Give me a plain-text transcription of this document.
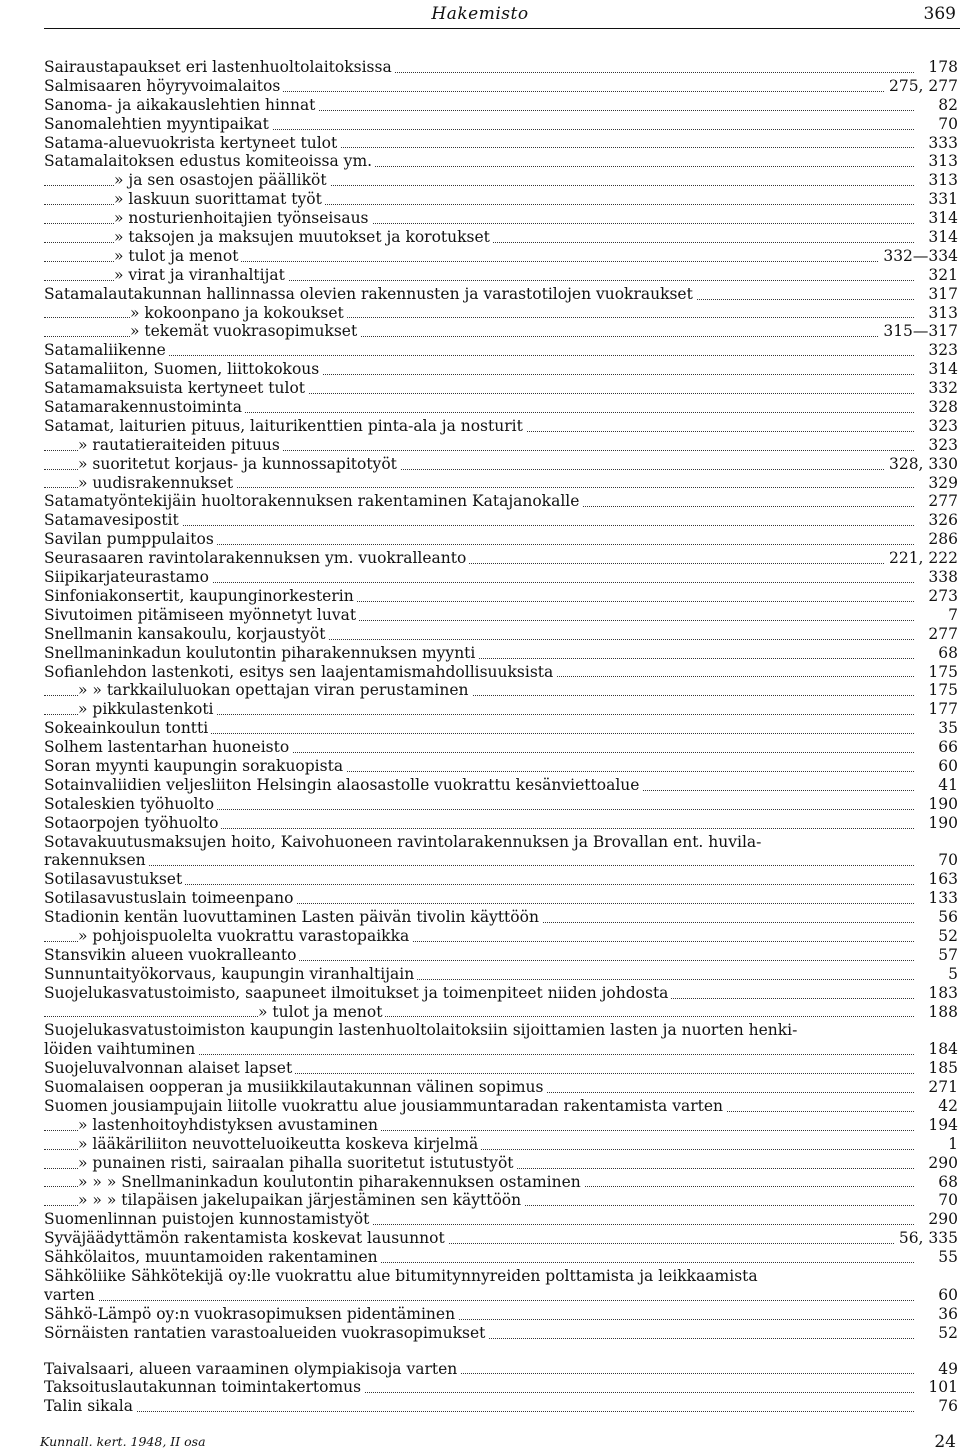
Hakemisto	369
Sairaustapaukset eri lastenhuoltolaitoksissa	178
Salmisaaren höyryvoimalaitos	275, 277
Sanoma- ja aikakauslehtien hinnat	82
Sanomalehtien myyntipaikat	70
Satama-aluevuokrista kertyneet tulot	333
Satamalaitoksen edustus komiteoissa ym.	313
» ja sen osastojen päälliköt	313
» laskuun suorittamat työt	331
» nosturienhoitajien työnseisaus	314
» taksojen ja maksujen muutokset ja korotukset	314
» tulot ja menot	332—334
» virat ja viranhaltijat	321
Satamalautakunnan hallinnassa olevien rakennusten ja varastotilojen vuokraukset	317
» kokoonpano ja kokoukset	313
» tekemät vuokrasopimukset	315—317
Satamaliikenne	323
Satamaliiton, Suomen, liittokokous	314
Satamamaksuista kertyneet tulot	332
Satamarakennustoiminta	328
Satamat, laiturien pituus, laiturikenttien pinta-ala ja nosturit	323
» rautatieraiteiden pituus	323
» suoritetut korjaus- ja kunnossapitotyöt	328, 330
» uudisrakennukset	329
Satamatyöntekijäin huoltorakennuksen rakentaminen Katajanokalle	277
Satamavesipostit	326
Savilan pumppulaitos	286
Seurasaaren ravintolarakennuksen ym. vuokralleanto	221, 222
Siipikarjateurastamo	338
Sinfoniakonsertit, kaupunginorkesterin	273
Sivutoimen pitämiseen myönnetyt luvat	7
Snellmanin kansakoulu, korjaustyöt	277
Snellmaninkadun koulutontin piharakennuksen myynti	68
Sofianlehdon lastenkoti, esitys sen laajentamismahdollisuuksista	175
» » tarkkailuluokan opettajan viran perustaminen	175
» pikkulastenkoti	177
Sokeainkoulun tontti	35
Solhem lastentarhan huoneisto	66
Soran myynti kaupungin sorakuopista	60
Sotainvaliidien veljesliiton Helsingin alaosastolle vuokrattu kesänviettoalue	41
Sotaleskien työhuolto	190
Sotaorpojen työhuolto	190
Sotavakuutusmaksujen hoito, Kaivohuoneen ravintolarakennuksen ja Brovallan ent. huvila-
rakennuksen	70
Sotilasavustukset	163
Sotilasavustuslain toimeenpano	133
Stadionin kentän luovuttaminen Lasten päivän tivolin käyttöön	56
» pohjoispuolelta vuokrattu varastopaikka	52
Stansvikin alueen vuokralleanto	57
Sunnuntaityökorvaus, kaupungin viranhaltijain	5
Suojelukasvatustoimisto, saapuneet ilmoitukset ja toimenpiteet niiden johdosta	183
» tulot ja menot	188
Suojelukasvatustoimiston kaupungin lastenhuoltolaitoksiin sijoittamien lasten ja nuorten henki-
löiden vaihtuminen	184
Suojeluvalvonnan alaiset lapset	185
Suomalaisen oopperan ja musiikkilautakunnan välinen sopimus	271
Suomen jousiampujain liitolle vuokrattu alue jousiammuntaradan rakentamista varten	42
» lastenhoitoyhdistyksen avustaminen	194
» lääkäriliiton neuvotteluoikeutta koskeva kirjelmä	1
» punainen risti, sairaalan pihalla suoritetut istutustyöt	290
» » » Snellmaninkadun koulutontin piharakennuksen ostaminen	68
» » » tilapäisen jakelupaikan järjestäminen sen käyttöön	70
Suomenlinnan puistojen kunnostamistyöt	290
Syväjäädyttämön rakentamista koskevat lausunnot	56, 335
Sähkölaitos, muuntamoiden rakentaminen	55
Sähköliike Sähkötekijä oy:lle vuokrattu alue bitumitynnyreiden polttamista ja leikkaamista
varten	60
Sähkö-Lämpö oy:n vuokrasopimuksen pidentäminen	36
Sörnäisten rantatien varastoalueiden vuokrasopimukset	52
Taivalsaari, alueen varaaminen olympiakisoja varten	49
Taksoituslautakunnan toimintakertomus	101
Talin sikala	76
Kunnall. kert. 1948, II osa	24
